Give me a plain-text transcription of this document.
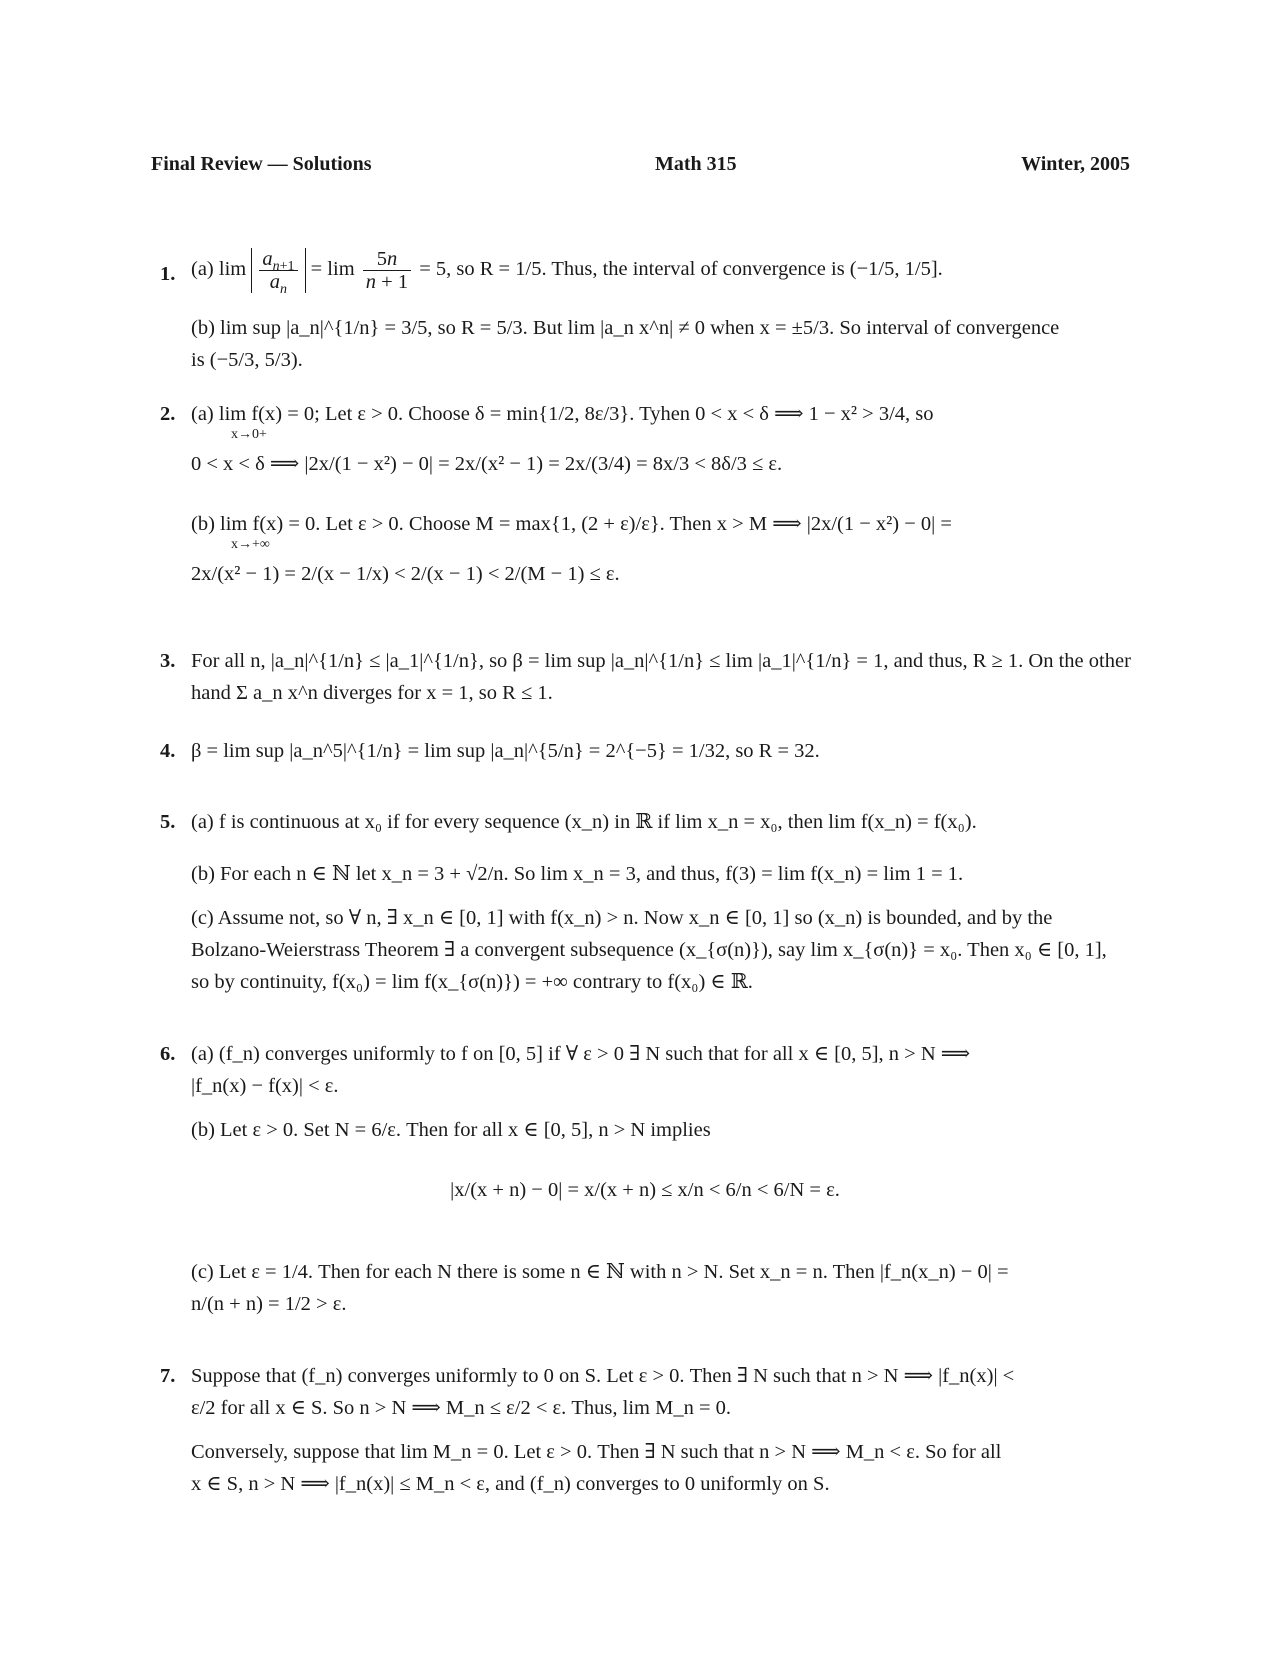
Final Review — Solutions	Math 315	Winter, 2005
1. (a) $\lim \frac{a_{n+1}}{a_n} = \lim \frac{5n}{n + 1} = 5$, so R = 1/5. Thus, the interval of convergence is (−1/5, 1/5].
(b) lim sup |a_n|^{1/n} = 3/5, so R = 5/3. But lim |a_n x^n| ≠ 0 when x = ±5/3. So interval of convergence
is (−5/3, 5/3).
2. (a) lim f(x) = 0; Let ε > 0. Choose δ = min{1/2, 8ε/3}. Tyhen 0 < x < δ ⟹ 1 − x² > 3/4, so
x→0+
0 < x < δ ⟹ |2x/(1 − x²) − 0| = 2x/(x² − 1) = 2x/(3/4) = 8x/3 < 8δ/3 ≤ ε.
(b) lim f(x) = 0. Let ε > 0. Choose M = max{1, (2 + ε)/ε}. Then x > M ⟹ |2x/(1 − x²) − 0| =
x→+∞
2x/(x² − 1) = 2/(x − 1/x) < 2/(x − 1) < 2/(M − 1) ≤ ε.
3. For all n, |a_n|^{1/n} ≤ |a_1|^{1/n}, so β = lim sup |a_n|^{1/n} ≤ lim |a_1|^{1/n} = 1, and thus, R ≥ 1. On the other
hand Σ a_n x^n diverges for x = 1, so R ≤ 1.
4. β = lim sup |a_n^5|^{1/n} = lim sup |a_n|^{5/n} = 2^{−5} = 1/32, so R = 32.
5. (a) f is continuous at x₀ if for every sequence (x_n) in ℝ if lim x_n = x₀, then lim f(x_n) = f(x₀).
(b) For each n ∈ ℕ let x_n = 3 + √2/n. So lim x_n = 3, and thus, f(3) = lim f(x_n) = lim 1 = 1.
(c) Assume not, so ∀ n, ∃ x_n ∈ [0, 1] with f(x_n) > n. Now x_n ∈ [0, 1] so (x_n) is bounded, and by the
Bolzano-Weierstrass Theorem ∃ a convergent subsequence (x_{σ(n)}), say lim x_{σ(n)} = x₀. Then x₀ ∈ [0, 1],
so by continuity, f(x₀) = lim f(x_{σ(n)}) = +∞ contrary to f(x₀) ∈ ℝ.
6. (a) (f_n) converges uniformly to f on [0, 5] if ∀ ε > 0 ∃ N such that for all x ∈ [0, 5], n > N ⟹
|f_n(x) − f(x)| < ε.
(b) Let ε > 0. Set N = 6/ε. Then for all x ∈ [0, 5], n > N implies
|x/(x + n) − 0| = x/(x + n) ≤ x/n < 6/n < 6/N = ε.
(c) Let ε = 1/4. Then for each N there is some n ∈ ℕ with n > N. Set x_n = n. Then |f_n(x_n) − 0| =
n/(n + n) = 1/2 > ε.
7. Suppose that (f_n) converges uniformly to 0 on S. Let ε > 0. Then ∃ N such that n > N ⟹ |f_n(x)| <
ε/2 for all x ∈ S. So n > N ⟹ M_n ≤ ε/2 < ε. Thus, lim M_n = 0.
Conversely, suppose that lim M_n = 0. Let ε > 0. Then ∃ N such that n > N ⟹ M_n < ε. So for all
x ∈ S, n > N ⟹ |f_n(x)| ≤ M_n < ε, and (f_n) converges to 0 uniformly on S.
